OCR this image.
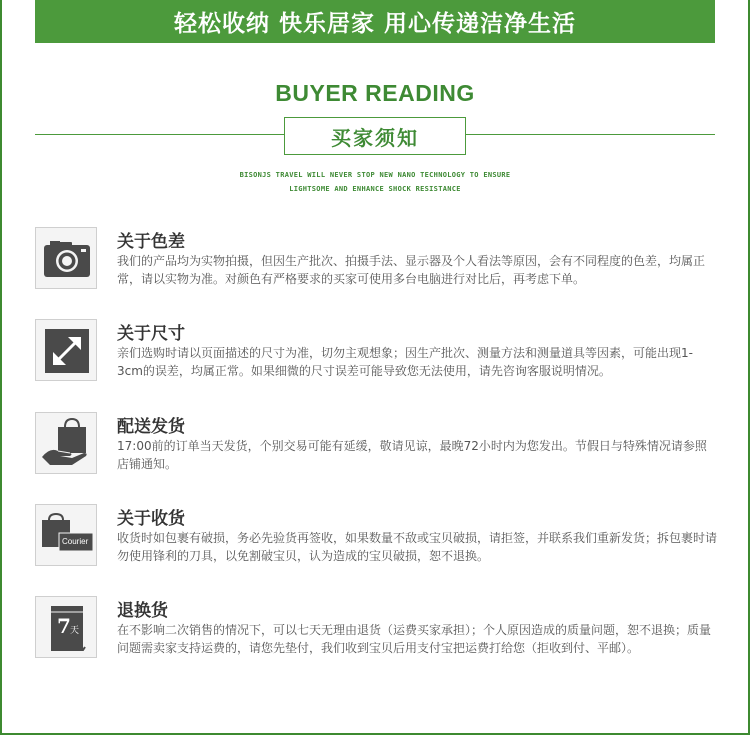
轻松收纳 快乐居家 用心传递洁净生活
BUYER READING
买家须知
BISONJS TRAVEL WILL NEVER STOP NEW NANO TECHNOLOGY TO ENSURE
LIGHTSOME AND ENHANCE SHOCK RESISTANCE
关于色差
我们的产品均为实物拍摄，但因生产批次、拍摄手法、显示器及个人看法等原因，会有不同程度的色差，均属正常，请以实物为准。对颜色有严格要求的买家可使用多台电脑进行对比后，再考虑下单。
关于尺寸
亲们选购时请以页面描述的尺寸为准，切勿主观想象；因生产批次、测量方法和测量道具等因素，可能出现1-3cm的误差，均属正常。如果细微的尺寸误差可能导致您无法使用，请先咨询客服说明情况。
配送发货
17:00前的订单当天发货，个别交易可能有延缓，敬请见谅，最晚72小时内为您发出。节假日与特殊情况请参照店铺通知。
Courier
关于收货
收货时如包裹有破损，务必先验货再签收，如果数量不敌或宝贝破损，请拒签，并联系我们重新发货；拆包裹时请勿使用锋利的刀具，以免割破宝贝，认为造成的宝贝破损，恕不退换。
7 天
退换货
在不影响二次销售的情况下，可以七天无理由退货（运费买家承担）；个人原因造成的质量问题，恕不退换；质量问题需卖家支持运费的，请您先垫付，我们收到宝贝后用支付宝把运费打给您（拒收到付、平邮）。
